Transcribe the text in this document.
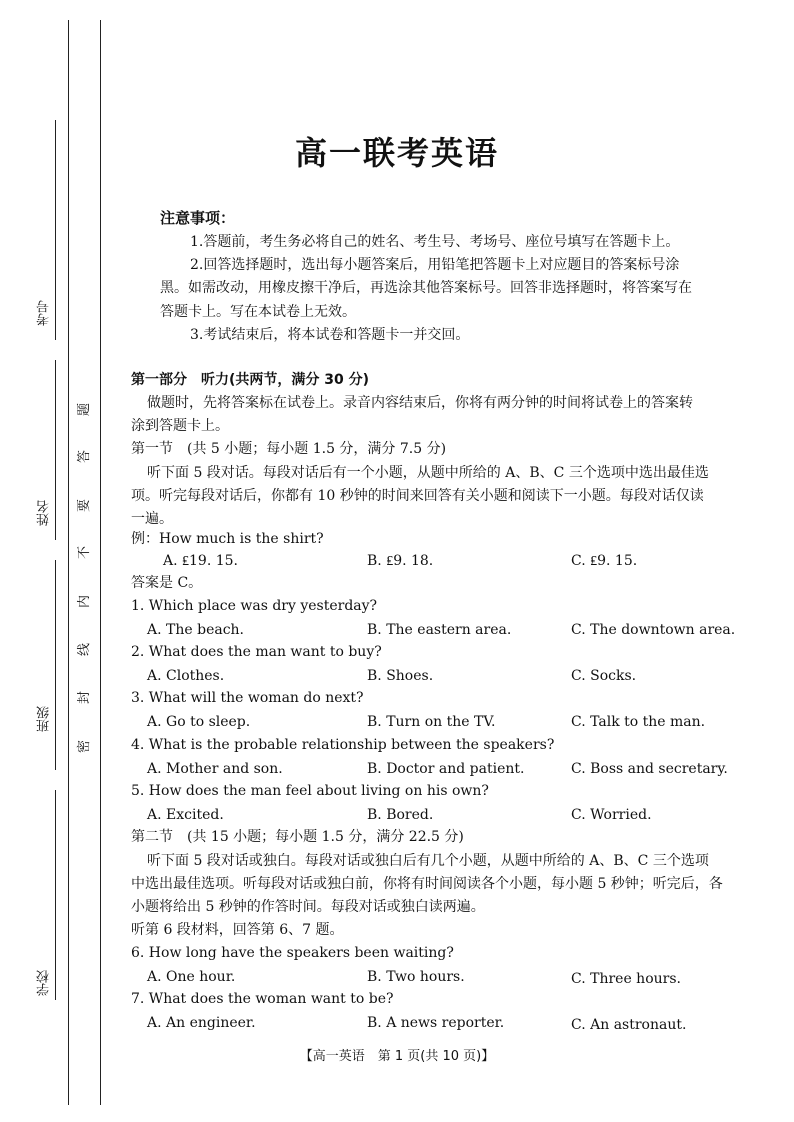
考号
姓名
班级
学校
题
答
要
不
内
线
封
密
高一联考英语
注意事项：
1.答题前，考生务必将自己的姓名、考生号、考场号、座位号填写在答题卡上。
2.回答选择题时，选出每小题答案后，用铅笔把答题卡上对应题目的答案标号涂
黑。如需改动，用橡皮擦干净后，再选涂其他答案标号。回答非选择题时，将答案写在
答题卡上。写在本试卷上无效。
3.考试结束后，将本试卷和答题卡一并交回。
第一部分　听力(共两节，满分 30 分)
做题时，先将答案标在试卷上。录音内容结束后，你将有两分钟的时间将试卷上的答案转
涂到答题卡上。
第一节　(共 5 小题；每小题 1.5 分，满分 7.5 分)
听下面 5 段对话。每段对话后有一个小题，从题中所给的 A、B、C 三个选项中选出最佳选
项。听完每段对话后，你都有 10 秒钟的时间来回答有关小题和阅读下一小题。每段对话仅读
一遍。
例：How much is the shirt?
A. ₤19. 15.	B. ₤9. 18.	C. ₤9. 15.
答案是 C。
1. Which place was dry yesterday?
A. The beach.	B. The eastern area.	C. The downtown area.
2. What does the man want to buy?
A. Clothes.	B. Shoes.	C. Socks.
3. What will the woman do next?
A. Go to sleep.	B. Turn on the TV.	C. Talk to the man.
4. What is the probable relationship between the speakers?
A. Mother and son.	B. Doctor and patient.	C. Boss and secretary.
5. How does the man feel about living on his own?
A. Excited.	B. Bored.	C. Worried.
第二节　(共 15 小题；每小题 1.5 分，满分 22.5 分)
听下面 5 段对话或独白。每段对话或独白后有几个小题，从题中所给的 A、B、C 三个选项
中选出最佳选项。听每段对话或独白前，你将有时间阅读各个小题，每小题 5 秒钟；听完后，各
小题将给出 5 秒钟的作答时间。每段对话或独白读两遍。
听第 6 段材料，回答第 6、7 题。
6. How long have the speakers been waiting?
A. One hour.	B. Two hours.	C. Three hours.
7. What does the woman want to be?
A. An engineer.	B. A news reporter.	C. An astronaut.
【高一英语　第 1 页(共 10 页)】
